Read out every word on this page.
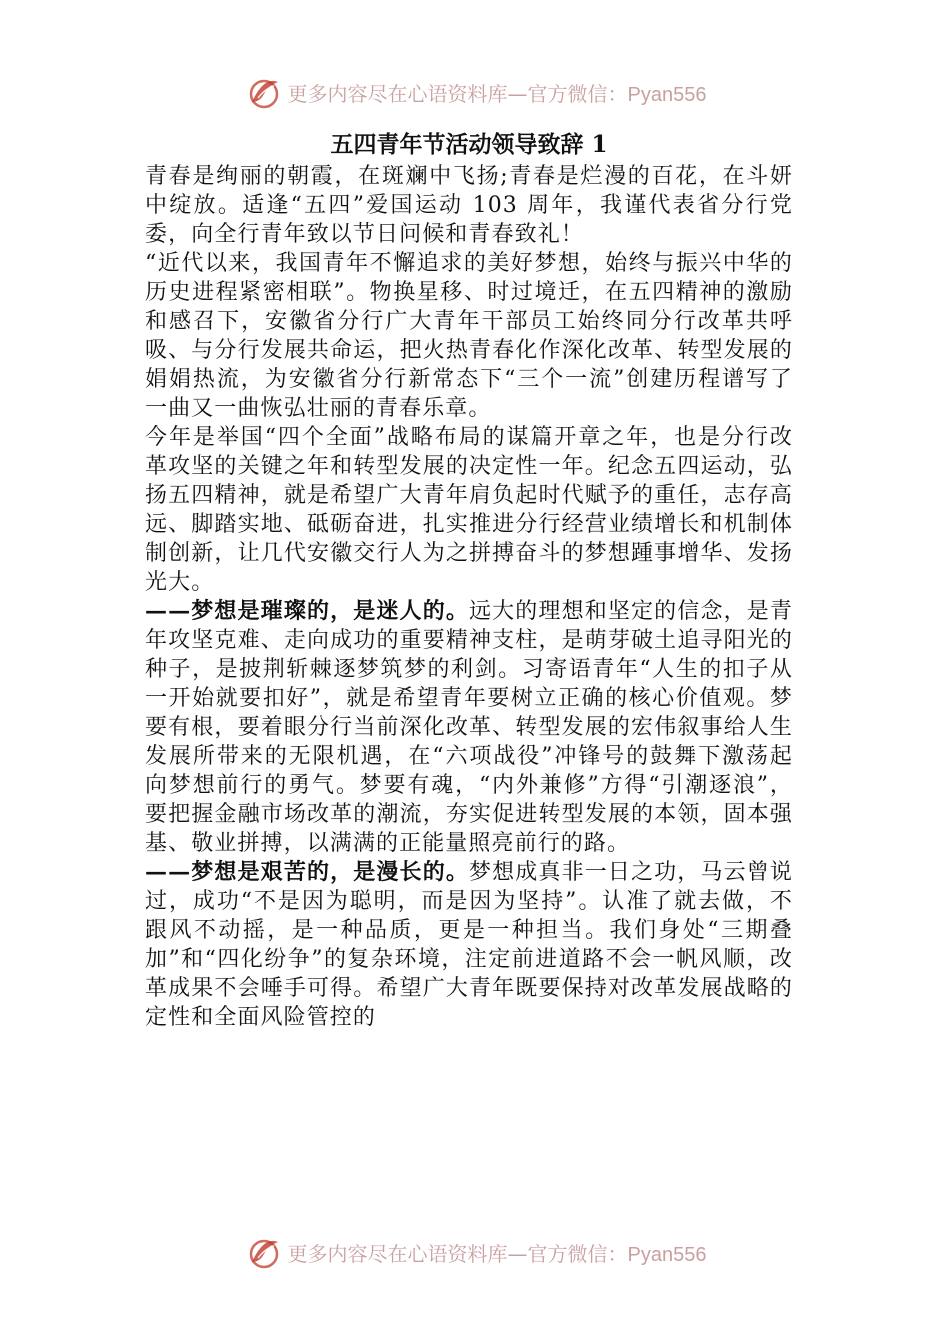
更多内容尽在心语资料库—官方微信：Pyan556
五四青年节活动领导致辞 1

青春是绚丽的朝霞，在斑斓中飞扬;青春是烂漫的百花，在斗妍中绽放。适逢“五四”爱国运动 103 周年，我谨代表省分行党委，向全行青年致以节日问候和青春致礼！

“近代以来，我国青年不懈追求的美好梦想，始终与振兴中华的历史进程紧密相联”。物换星移、时过境迁，在五四精神的激励和感召下，安徽省分行广大青年干部员工始终同分行改革共呼吸、与分行发展共命运，把火热青春化作深化改革、转型发展的娟娟热流，为安徽省分行新常态下“三个一流”创建历程谱写了一曲又一曲恢弘壮丽的青春乐章。

今年是举国“四个全面”战略布局的谋篇开章之年，也是分行改革攻坚的关键之年和转型发展的决定性一年。纪念五四运动，弘扬五四精神，就是希望广大青年肩负起时代赋予的重任，志存高远、脚踏实地、砥砺奋进，扎实推进分行经营业绩增长和机制体制创新，让几代安徽交行人为之拼搏奋斗的梦想踵事增华、发扬光大。

——梦想是璀璨的，是迷人的。远大的理想和坚定的信念，是青年攻坚克难、走向成功的重要精神支柱，是萌芽破土追寻阳光的种子，是披荆斩棘逐梦筑梦的利剑。习寄语青年“人生的扣子从一开始就要扣好”，就是希望青年要树立正确的核心价值观。梦要有根，要着眼分行当前深化改革、转型发展的宏伟叙事给人生发展所带来的无限机遇，在“六项战役”冲锋号的鼓舞下激荡起向梦想前行的勇气。梦要有魂，“内外兼修”方得“引潮逐浪”，要把握金融市场改革的潮流，夯实促进转型发展的本领，固本强基、敬业拼搏，以满满的正能量照亮前行的路。

——梦想是艰苦的，是漫长的。梦想成真非一日之功，马云曾说过，成功“不是因为聪明，而是因为坚持”。认准了就去做，不跟风不动摇，是一种品质，更是一种担当。我们身处“三期叠加”和“四化纷争”的复杂环境，注定前进道路不会一帆风顺，改革成果不会唾手可得。希望广大青年既要保持对改革发展战略的定性和全面风险管控的

更多内容尽在心语资料库—官方微信：Pyan556
